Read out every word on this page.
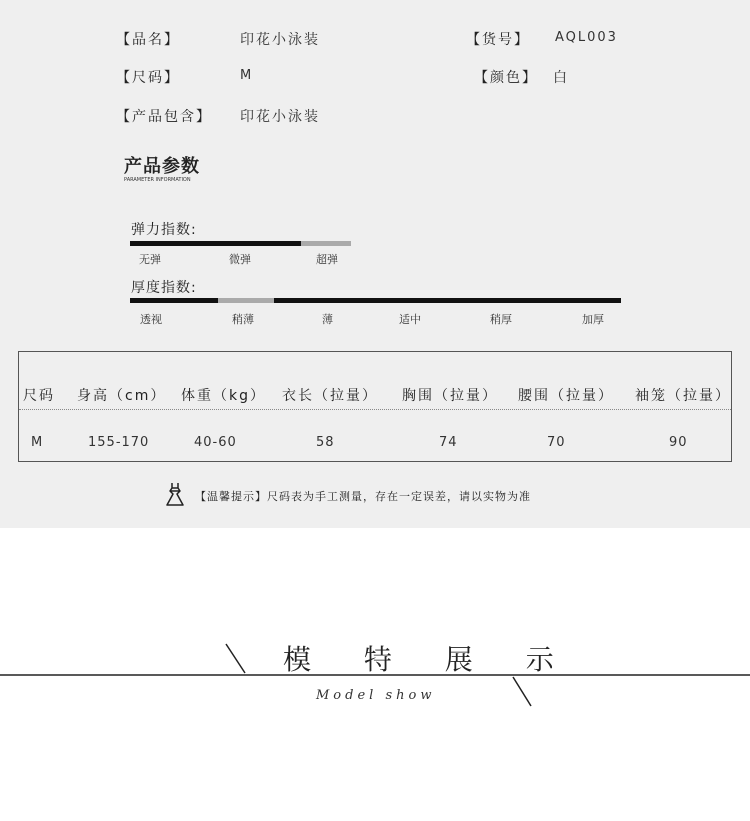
【品名】	印花小泳装	【货号】 AQL003
【尺码】	M	【颜色】 白
【产品包含】 印花小泳装
产品参数
PARAMETER INFORMATION
弹力指数:
无弹	微弹	超弹
厚度指数:
透视	稍薄	薄	适中	稍厚	加厚
尺码 身高（cm） 体重（kg） 衣长（拉量） 胸围（拉量） 腰围（拉量） 袖笼（拉量）
M	155-170	40-60	58	74	70	90
【温馨提示】尺码表为手工测量，存在一定误差，请以实物为准
模 特 展 示
Model show
